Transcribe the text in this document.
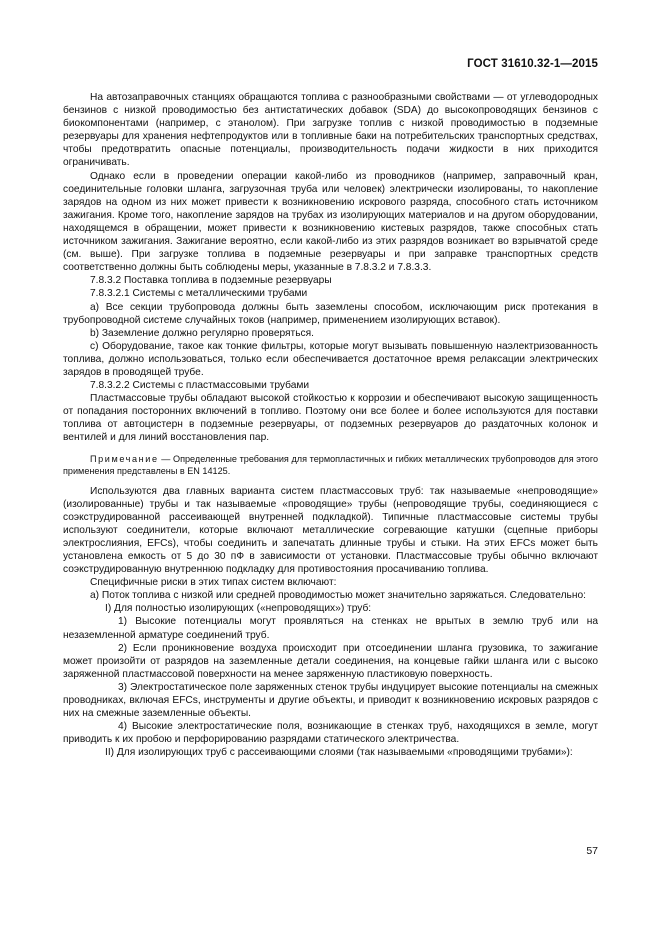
ГОСТ 31610.32-1—2015

На автозаправочных станциях обращаются топлива с разнообразными свойствами — от углеводородных бензинов с низкой проводимостью без антистатических добавок (SDA) до высокопроводящих бензинов с биокомпонентами (например, с этанолом). При загрузке топлив с низкой проводимостью в подземные резервуары для хранения нефтепродуктов или в топливные баки на потребительских транспортных средствах, чтобы предотвратить опасные потенциалы, производительность подачи жидкости в них приходится ограничивать.

Однако если в проведении операции какой-либо из проводников (например, заправочный кран, соединительные головки шланга, загрузочная труба или человек) электрически изолированы, то накопление зарядов на одном из них может привести к возникновению искрового разряда, способного стать источником зажигания. Кроме того, накопление зарядов на трубах из изолирующих материалов и на другом оборудовании, находящемся в обращении, может привести к возникновению кистевых разрядов, также способных стать источником зажигания. Зажигание вероятно, если какой-либо из этих разрядов возникает во взрывчатой среде (см. выше). При загрузке топлива в подземные резервуары и при заправке транспортных средств соответственно должны быть соблюдены меры, указанные в 7.8.3.2 и 7.8.3.3.

7.8.3.2 Поставка топлива в подземные резервуары

7.8.3.2.1 Системы с металлическими трубами

a) Все секции трубопровода должны быть заземлены способом, исключающим риск протекания в трубопроводной системе случайных токов (например, применением изолирующих вставок).

b) Заземление должно регулярно проверяться.

c) Оборудование, такое как тонкие фильтры, которые могут вызывать повышенную наэлектризованность топлива, должно использоваться, только если обеспечивается достаточное время релаксации электрических зарядов в проводящей трубе.

7.8.3.2.2 Системы с пластмассовыми трубами

Пластмассовые трубы обладают высокой стойкостью к коррозии и обеспечивают высокую защищенность от попадания посторонних включений в топливо. Поэтому они все более и более используются для поставки топлива от автоцистерн в подземные резервуары, от подземных резервуаров до раздаточных колонок и вентилей и для линий восстановления пар.

Примечание — Определенные требования для термопластичных и гибких металлических трубопроводов для этого применения представлены в EN 14125.

Используются два главных варианта систем пластмассовых труб: так называемые «непроводящие» (изолированные) трубы и так называемые «проводящие» трубы (непроводящие трубы, соединяющиеся с соэкструдированной рассеивающей внутренней подкладкой). Типичные пластмассовые системы трубы используют соединители, которые включают металлические согревающие катушки (сцепные приборы электрослияния, EFCs), чтобы соединить и запечатать длинные трубы и стыки. На этих EFCs может быть установлена емкость от 5 до 30 пФ в зависимости от установки. Пластмассовые трубы обычно включают соэкструдированную внутреннюю подкладку для противостояния просачиванию топлива.

Специфичные риски в этих типах систем включают:

a) Поток топлива с низкой или средней проводимостью может значительно заряжаться. Следовательно:

I) Для полностью изолирующих («непроводящих») труб:

1) Высокие потенциалы могут проявляться на стенках не врытых в землю труб или на незаземленной арматуре соединений труб.

2) Если проникновение воздуха происходит при отсоединении шланга грузовика, то зажигание может произойти от разрядов на заземленные детали соединения, на концевые гайки шланга или с высоко заряженной пластмассовой поверхности на менее заряженную пластиковую поверхность.

3) Электростатическое поле заряженных стенок трубы индуцирует высокие потенциалы на смежных проводниках, включая EFCs, инструменты и другие объекты, и приводит к возникновению искровых разрядов с них на смежные заземленные объекты.

4) Высокие электростатические поля, возникающие в стенках труб, находящихся в земле, могут приводить к их пробою и перфорированию разрядами статического электричества.

II) Для изолирующих труб с рассеивающими слоями (так называемыми «проводящими трубами»):

57
